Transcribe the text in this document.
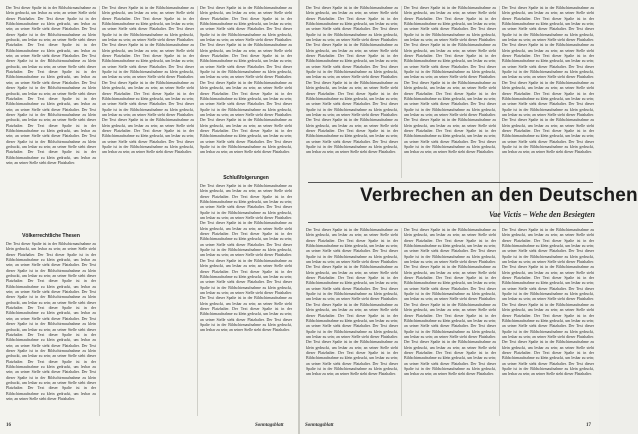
Der Text dieser Spalte ist in der Bildschirmaufnahme zu klein gedruckt, um lesbar zu sein; an seiner Stelle steht dieser Platzhalter. Der Text dieser Spalte ist in der Bildschirmaufnahme zu klein gedruckt, um lesbar zu sein; an seiner Stelle steht dieser Platzhalter. Der Text dieser Spalte ist in der Bildschirmaufnahme zu klein gedruckt, um lesbar zu sein; an seiner Stelle steht dieser Platzhalter. Der Text dieser Spalte ist in der Bildschirmaufnahme zu klein gedruckt, um lesbar zu sein; an seiner Stelle steht dieser Platzhalter. Der Text dieser Spalte ist in der Bildschirmaufnahme zu klein gedruckt, um lesbar zu sein; an seiner Stelle steht dieser Platzhalter. Der Text dieser Spalte ist in der Bildschirmaufnahme zu klein gedruckt, um lesbar zu sein; an seiner Stelle steht dieser Platzhalter. Der Text dieser Spalte ist in der Bildschirmaufnahme zu klein gedruckt, um lesbar zu sein; an seiner Stelle steht dieser Platzhalter. Der Text dieser Spalte ist in der Bildschirmaufnahme zu klein gedruckt, um lesbar zu sein; an seiner Stelle steht dieser Platzhalter. Der Text dieser Spalte ist in der Bildschirmaufnahme zu klein gedruckt, um lesbar zu sein; an seiner Stelle steht dieser Platzhalter. Der Text dieser Spalte ist in der Bildschirmaufnahme zu klein gedruckt, um lesbar zu sein; an seiner Stelle steht dieser Platzhalter. Der Text dieser Spalte ist in der Bildschirmaufnahme zu klein gedruckt, um lesbar zu sein; an seiner Stelle steht dieser Platzhalter. Der Text dieser Spalte ist in der Bildschirmaufnahme zu klein gedruckt, um lesbar zu sein; an seiner Stelle steht dieser Platzhalter.

Völkerrechtliche Thesen

Der Text dieser Spalte ist in der Bildschirmaufnahme zu klein gedruckt, um lesbar zu sein; an seiner Stelle steht dieser Platzhalter. Der Text dieser Spalte ist in der Bildschirmaufnahme zu klein gedruckt, um lesbar zu sein; an seiner Stelle steht dieser Platzhalter. Der Text dieser Spalte ist in der Bildschirmaufnahme zu klein gedruckt, um lesbar zu sein; an seiner Stelle steht dieser Platzhalter. Der Text dieser Spalte ist in der Bildschirmaufnahme zu klein gedruckt, um lesbar zu sein; an seiner Stelle steht dieser Platzhalter. Der Text dieser Spalte ist in der Bildschirmaufnahme zu klein gedruckt, um lesbar zu sein; an seiner Stelle steht dieser Platzhalter. Der Text dieser Spalte ist in der Bildschirmaufnahme zu klein gedruckt, um lesbar zu sein; an seiner Stelle steht dieser Platzhalter. Der Text dieser Spalte ist in der Bildschirmaufnahme zu klein gedruckt, um lesbar zu sein; an seiner Stelle steht dieser Platzhalter. Der Text dieser Spalte ist in der Bildschirmaufnahme zu klein gedruckt, um lesbar zu sein; an seiner Stelle steht dieser Platzhalter. Der Text dieser Spalte ist in der Bildschirmaufnahme zu klein gedruckt, um lesbar zu sein; an seiner Stelle steht dieser Platzhalter. Der Text dieser Spalte ist in der Bildschirmaufnahme zu klein gedruckt, um lesbar zu sein; an seiner Stelle steht dieser Platzhalter. Der Text dieser Spalte ist in der Bildschirmaufnahme zu klein gedruckt, um lesbar zu sein; an seiner Stelle steht dieser Platzhalter. Der Text dieser Spalte ist in der Bildschirmaufnahme zu klein gedruckt, um lesbar zu sein; an seiner Stelle steht dieser Platzhalter.

Der Text dieser Spalte ist in der Bildschirmaufnahme zu klein gedruckt, um lesbar zu sein; an seiner Stelle steht dieser Platzhalter. Der Text dieser Spalte ist in der Bildschirmaufnahme zu klein gedruckt, um lesbar zu sein; an seiner Stelle steht dieser Platzhalter. Der Text dieser Spalte ist in der Bildschirmaufnahme zu klein gedruckt, um lesbar zu sein; an seiner Stelle steht dieser Platzhalter. Der Text dieser Spalte ist in der Bildschirmaufnahme zu klein gedruckt, um lesbar zu sein; an seiner Stelle steht dieser Platzhalter. Der Text dieser Spalte ist in der Bildschirmaufnahme zu klein gedruckt, um lesbar zu sein; an seiner Stelle steht dieser Platzhalter. Der Text dieser Spalte ist in der Bildschirmaufnahme zu klein gedruckt, um lesbar zu sein; an seiner Stelle steht dieser Platzhalter. Der Text dieser Spalte ist in der Bildschirmaufnahme zu klein gedruckt, um lesbar zu sein; an seiner Stelle steht dieser Platzhalter. Der Text dieser Spalte ist in der Bildschirmaufnahme zu klein gedruckt, um lesbar zu sein; an seiner Stelle steht dieser Platzhalter. Der Text dieser Spalte ist in der Bildschirmaufnahme zu klein gedruckt, um lesbar zu sein; an seiner Stelle steht dieser Platzhalter. Der Text dieser Spalte ist in der Bildschirmaufnahme zu klein gedruckt, um lesbar zu sein; an seiner Stelle steht dieser Platzhalter. Der Text dieser Spalte ist in der Bildschirmaufnahme zu klein gedruckt, um lesbar zu sein; an seiner Stelle steht dieser Platzhalter. Der Text dieser Spalte ist in der Bildschirmaufnahme zu klein gedruckt, um lesbar zu sein; an seiner Stelle steht dieser Platzhalter.

Der Text dieser Spalte ist in der Bildschirmaufnahme zu klein gedruckt, um lesbar zu sein; an seiner Stelle steht dieser Platzhalter. Der Text dieser Spalte ist in der Bildschirmaufnahme zu klein gedruckt, um lesbar zu sein; an seiner Stelle steht dieser Platzhalter. Der Text dieser Spalte ist in der Bildschirmaufnahme zu klein gedruckt, um lesbar zu sein; an seiner Stelle steht dieser Platzhalter. Der Text dieser Spalte ist in der Bildschirmaufnahme zu klein gedruckt, um lesbar zu sein; an seiner Stelle steht dieser Platzhalter. Der Text dieser Spalte ist in der Bildschirmaufnahme zu klein gedruckt, um lesbar zu sein; an seiner Stelle steht dieser Platzhalter. Der Text dieser Spalte ist in der Bildschirmaufnahme zu klein gedruckt, um lesbar zu sein; an seiner Stelle steht dieser Platzhalter. Der Text dieser Spalte ist in der Bildschirmaufnahme zu klein gedruckt, um lesbar zu sein; an seiner Stelle steht dieser Platzhalter. Der Text dieser Spalte ist in der Bildschirmaufnahme zu klein gedruckt, um lesbar zu sein; an seiner Stelle steht dieser Platzhalter. Der Text dieser Spalte ist in der Bildschirmaufnahme zu klein gedruckt, um lesbar zu sein; an seiner Stelle steht dieser Platzhalter. Der Text dieser Spalte ist in der Bildschirmaufnahme zu klein gedruckt, um lesbar zu sein; an seiner Stelle steht dieser Platzhalter. Der Text dieser Spalte ist in der Bildschirmaufnahme zu klein gedruckt, um lesbar zu sein; an seiner Stelle steht dieser Platzhalter. Der Text dieser Spalte ist in der Bildschirmaufnahme zu klein gedruckt, um lesbar zu sein; an seiner Stelle steht dieser Platzhalter.

Schlußfolgerungen

Der Text dieser Spalte ist in der Bildschirmaufnahme zu klein gedruckt, um lesbar zu sein; an seiner Stelle steht dieser Platzhalter. Der Text dieser Spalte ist in der Bildschirmaufnahme zu klein gedruckt, um lesbar zu sein; an seiner Stelle steht dieser Platzhalter. Der Text dieser Spalte ist in der Bildschirmaufnahme zu klein gedruckt, um lesbar zu sein; an seiner Stelle steht dieser Platzhalter. Der Text dieser Spalte ist in der Bildschirmaufnahme zu klein gedruckt, um lesbar zu sein; an seiner Stelle steht dieser Platzhalter. Der Text dieser Spalte ist in der Bildschirmaufnahme zu klein gedruckt, um lesbar zu sein; an seiner Stelle steht dieser Platzhalter. Der Text dieser Spalte ist in der Bildschirmaufnahme zu klein gedruckt, um lesbar zu sein; an seiner Stelle steht dieser Platzhalter. Der Text dieser Spalte ist in der Bildschirmaufnahme zu klein gedruckt, um lesbar zu sein; an seiner Stelle steht dieser Platzhalter. Der Text dieser Spalte ist in der Bildschirmaufnahme zu klein gedruckt, um lesbar zu sein; an seiner Stelle steht dieser Platzhalter. Der Text dieser Spalte ist in der Bildschirmaufnahme zu klein gedruckt, um lesbar zu sein; an seiner Stelle steht dieser Platzhalter. Der Text dieser Spalte ist in der Bildschirmaufnahme zu klein gedruckt, um lesbar zu sein; an seiner Stelle steht dieser Platzhalter. Der Text dieser Spalte ist in der Bildschirmaufnahme zu klein gedruckt, um lesbar zu sein; an seiner Stelle steht dieser Platzhalter. Der Text dieser Spalte ist in der Bildschirmaufnahme zu klein gedruckt, um lesbar zu sein; an seiner Stelle steht dieser Platzhalter.

16	Sonntagsblatt

Der Text dieser Spalte ist in der Bildschirmaufnahme zu klein gedruckt, um lesbar zu sein; an seiner Stelle steht dieser Platzhalter. Der Text dieser Spalte ist in der Bildschirmaufnahme zu klein gedruckt, um lesbar zu sein; an seiner Stelle steht dieser Platzhalter. Der Text dieser Spalte ist in der Bildschirmaufnahme zu klein gedruckt, um lesbar zu sein; an seiner Stelle steht dieser Platzhalter. Der Text dieser Spalte ist in der Bildschirmaufnahme zu klein gedruckt, um lesbar zu sein; an seiner Stelle steht dieser Platzhalter. Der Text dieser Spalte ist in der Bildschirmaufnahme zu klein gedruckt, um lesbar zu sein; an seiner Stelle steht dieser Platzhalter. Der Text dieser Spalte ist in der Bildschirmaufnahme zu klein gedruckt, um lesbar zu sein; an seiner Stelle steht dieser Platzhalter. Der Text dieser Spalte ist in der Bildschirmaufnahme zu klein gedruckt, um lesbar zu sein; an seiner Stelle steht dieser Platzhalter. Der Text dieser Spalte ist in der Bildschirmaufnahme zu klein gedruckt, um lesbar zu sein; an seiner Stelle steht dieser Platzhalter. Der Text dieser Spalte ist in der Bildschirmaufnahme zu klein gedruckt, um lesbar zu sein; an seiner Stelle steht dieser Platzhalter. Der Text dieser Spalte ist in der Bildschirmaufnahme zu klein gedruckt, um lesbar zu sein; an seiner Stelle steht dieser Platzhalter. Der Text dieser Spalte ist in der Bildschirmaufnahme zu klein gedruckt, um lesbar zu sein; an seiner Stelle steht dieser Platzhalter. Der Text dieser Spalte ist in der Bildschirmaufnahme zu klein gedruckt, um lesbar zu sein; an seiner Stelle steht dieser Platzhalter.

Der Text dieser Spalte ist in der Bildschirmaufnahme zu klein gedruckt, um lesbar zu sein; an seiner Stelle steht dieser Platzhalter. Der Text dieser Spalte ist in der Bildschirmaufnahme zu klein gedruckt, um lesbar zu sein; an seiner Stelle steht dieser Platzhalter. Der Text dieser Spalte ist in der Bildschirmaufnahme zu klein gedruckt, um lesbar zu sein; an seiner Stelle steht dieser Platzhalter. Der Text dieser Spalte ist in der Bildschirmaufnahme zu klein gedruckt, um lesbar zu sein; an seiner Stelle steht dieser Platzhalter. Der Text dieser Spalte ist in der Bildschirmaufnahme zu klein gedruckt, um lesbar zu sein; an seiner Stelle steht dieser Platzhalter. Der Text dieser Spalte ist in der Bildschirmaufnahme zu klein gedruckt, um lesbar zu sein; an seiner Stelle steht dieser Platzhalter. Der Text dieser Spalte ist in der Bildschirmaufnahme zu klein gedruckt, um lesbar zu sein; an seiner Stelle steht dieser Platzhalter. Der Text dieser Spalte ist in der Bildschirmaufnahme zu klein gedruckt, um lesbar zu sein; an seiner Stelle steht dieser Platzhalter. Der Text dieser Spalte ist in der Bildschirmaufnahme zu klein gedruckt, um lesbar zu sein; an seiner Stelle steht dieser Platzhalter. Der Text dieser Spalte ist in der Bildschirmaufnahme zu klein gedruckt, um lesbar zu sein; an seiner Stelle steht dieser Platzhalter. Der Text dieser Spalte ist in der Bildschirmaufnahme zu klein gedruckt, um lesbar zu sein; an seiner Stelle steht dieser Platzhalter. Der Text dieser Spalte ist in der Bildschirmaufnahme zu klein gedruckt, um lesbar zu sein; an seiner Stelle steht dieser Platzhalter.

Der Text dieser Spalte ist in der Bildschirmaufnahme zu klein gedruckt, um lesbar zu sein; an seiner Stelle steht dieser Platzhalter. Der Text dieser Spalte ist in der Bildschirmaufnahme zu klein gedruckt, um lesbar zu sein; an seiner Stelle steht dieser Platzhalter. Der Text dieser Spalte ist in der Bildschirmaufnahme zu klein gedruckt, um lesbar zu sein; an seiner Stelle steht dieser Platzhalter. Der Text dieser Spalte ist in der Bildschirmaufnahme zu klein gedruckt, um lesbar zu sein; an seiner Stelle steht dieser Platzhalter. Der Text dieser Spalte ist in der Bildschirmaufnahme zu klein gedruckt, um lesbar zu sein; an seiner Stelle steht dieser Platzhalter. Der Text dieser Spalte ist in der Bildschirmaufnahme zu klein gedruckt, um lesbar zu sein; an seiner Stelle steht dieser Platzhalter. Der Text dieser Spalte ist in der Bildschirmaufnahme zu klein gedruckt, um lesbar zu sein; an seiner Stelle steht dieser Platzhalter. Der Text dieser Spalte ist in der Bildschirmaufnahme zu klein gedruckt, um lesbar zu sein; an seiner Stelle steht dieser Platzhalter. Der Text dieser Spalte ist in der Bildschirmaufnahme zu klein gedruckt, um lesbar zu sein; an seiner Stelle steht dieser Platzhalter. Der Text dieser Spalte ist in der Bildschirmaufnahme zu klein gedruckt, um lesbar zu sein; an seiner Stelle steht dieser Platzhalter. Der Text dieser Spalte ist in der Bildschirmaufnahme zu klein gedruckt, um lesbar zu sein; an seiner Stelle steht dieser Platzhalter. Der Text dieser Spalte ist in der Bildschirmaufnahme zu klein gedruckt, um lesbar zu sein; an seiner Stelle steht dieser Platzhalter.

Verbrechen an den Deutschen
Vae Victis – Wehe den Besiegten

Der Text dieser Spalte ist in der Bildschirmaufnahme zu klein gedruckt, um lesbar zu sein; an seiner Stelle steht dieser Platzhalter. Der Text dieser Spalte ist in der Bildschirmaufnahme zu klein gedruckt, um lesbar zu sein; an seiner Stelle steht dieser Platzhalter. Der Text dieser Spalte ist in der Bildschirmaufnahme zu klein gedruckt, um lesbar zu sein; an seiner Stelle steht dieser Platzhalter. Der Text dieser Spalte ist in der Bildschirmaufnahme zu klein gedruckt, um lesbar zu sein; an seiner Stelle steht dieser Platzhalter. Der Text dieser Spalte ist in der Bildschirmaufnahme zu klein gedruckt, um lesbar zu sein; an seiner Stelle steht dieser Platzhalter. Der Text dieser Spalte ist in der Bildschirmaufnahme zu klein gedruckt, um lesbar zu sein; an seiner Stelle steht dieser Platzhalter. Der Text dieser Spalte ist in der Bildschirmaufnahme zu klein gedruckt, um lesbar zu sein; an seiner Stelle steht dieser Platzhalter. Der Text dieser Spalte ist in der Bildschirmaufnahme zu klein gedruckt, um lesbar zu sein; an seiner Stelle steht dieser Platzhalter. Der Text dieser Spalte ist in der Bildschirmaufnahme zu klein gedruckt, um lesbar zu sein; an seiner Stelle steht dieser Platzhalter. Der Text dieser Spalte ist in der Bildschirmaufnahme zu klein gedruckt, um lesbar zu sein; an seiner Stelle steht dieser Platzhalter. Der Text dieser Spalte ist in der Bildschirmaufnahme zu klein gedruckt, um lesbar zu sein; an seiner Stelle steht dieser Platzhalter. Der Text dieser Spalte ist in der Bildschirmaufnahme zu klein gedruckt, um lesbar zu sein; an seiner Stelle steht dieser Platzhalter.

Der Text dieser Spalte ist in der Bildschirmaufnahme zu klein gedruckt, um lesbar zu sein; an seiner Stelle steht dieser Platzhalter. Der Text dieser Spalte ist in der Bildschirmaufnahme zu klein gedruckt, um lesbar zu sein; an seiner Stelle steht dieser Platzhalter. Der Text dieser Spalte ist in der Bildschirmaufnahme zu klein gedruckt, um lesbar zu sein; an seiner Stelle steht dieser Platzhalter. Der Text dieser Spalte ist in der Bildschirmaufnahme zu klein gedruckt, um lesbar zu sein; an seiner Stelle steht dieser Platzhalter. Der Text dieser Spalte ist in der Bildschirmaufnahme zu klein gedruckt, um lesbar zu sein; an seiner Stelle steht dieser Platzhalter. Der Text dieser Spalte ist in der Bildschirmaufnahme zu klein gedruckt, um lesbar zu sein; an seiner Stelle steht dieser Platzhalter. Der Text dieser Spalte ist in der Bildschirmaufnahme zu klein gedruckt, um lesbar zu sein; an seiner Stelle steht dieser Platzhalter. Der Text dieser Spalte ist in der Bildschirmaufnahme zu klein gedruckt, um lesbar zu sein; an seiner Stelle steht dieser Platzhalter. Der Text dieser Spalte ist in der Bildschirmaufnahme zu klein gedruckt, um lesbar zu sein; an seiner Stelle steht dieser Platzhalter. Der Text dieser Spalte ist in der Bildschirmaufnahme zu klein gedruckt, um lesbar zu sein; an seiner Stelle steht dieser Platzhalter. Der Text dieser Spalte ist in der Bildschirmaufnahme zu klein gedruckt, um lesbar zu sein; an seiner Stelle steht dieser Platzhalter. Der Text dieser Spalte ist in der Bildschirmaufnahme zu klein gedruckt, um lesbar zu sein; an seiner Stelle steht dieser Platzhalter.

Der Text dieser Spalte ist in der Bildschirmaufnahme zu klein gedruckt, um lesbar zu sein; an seiner Stelle steht dieser Platzhalter. Der Text dieser Spalte ist in der Bildschirmaufnahme zu klein gedruckt, um lesbar zu sein; an seiner Stelle steht dieser Platzhalter. Der Text dieser Spalte ist in der Bildschirmaufnahme zu klein gedruckt, um lesbar zu sein; an seiner Stelle steht dieser Platzhalter. Der Text dieser Spalte ist in der Bildschirmaufnahme zu klein gedruckt, um lesbar zu sein; an seiner Stelle steht dieser Platzhalter. Der Text dieser Spalte ist in der Bildschirmaufnahme zu klein gedruckt, um lesbar zu sein; an seiner Stelle steht dieser Platzhalter. Der Text dieser Spalte ist in der Bildschirmaufnahme zu klein gedruckt, um lesbar zu sein; an seiner Stelle steht dieser Platzhalter. Der Text dieser Spalte ist in der Bildschirmaufnahme zu klein gedruckt, um lesbar zu sein; an seiner Stelle steht dieser Platzhalter. Der Text dieser Spalte ist in der Bildschirmaufnahme zu klein gedruckt, um lesbar zu sein; an seiner Stelle steht dieser Platzhalter. Der Text dieser Spalte ist in der Bildschirmaufnahme zu klein gedruckt, um lesbar zu sein; an seiner Stelle steht dieser Platzhalter. Der Text dieser Spalte ist in der Bildschirmaufnahme zu klein gedruckt, um lesbar zu sein; an seiner Stelle steht dieser Platzhalter. Der Text dieser Spalte ist in der Bildschirmaufnahme zu klein gedruckt, um lesbar zu sein; an seiner Stelle steht dieser Platzhalter. Der Text dieser Spalte ist in der Bildschirmaufnahme zu klein gedruckt, um lesbar zu sein; an seiner Stelle steht dieser Platzhalter.

Sonntagsblatt	17
